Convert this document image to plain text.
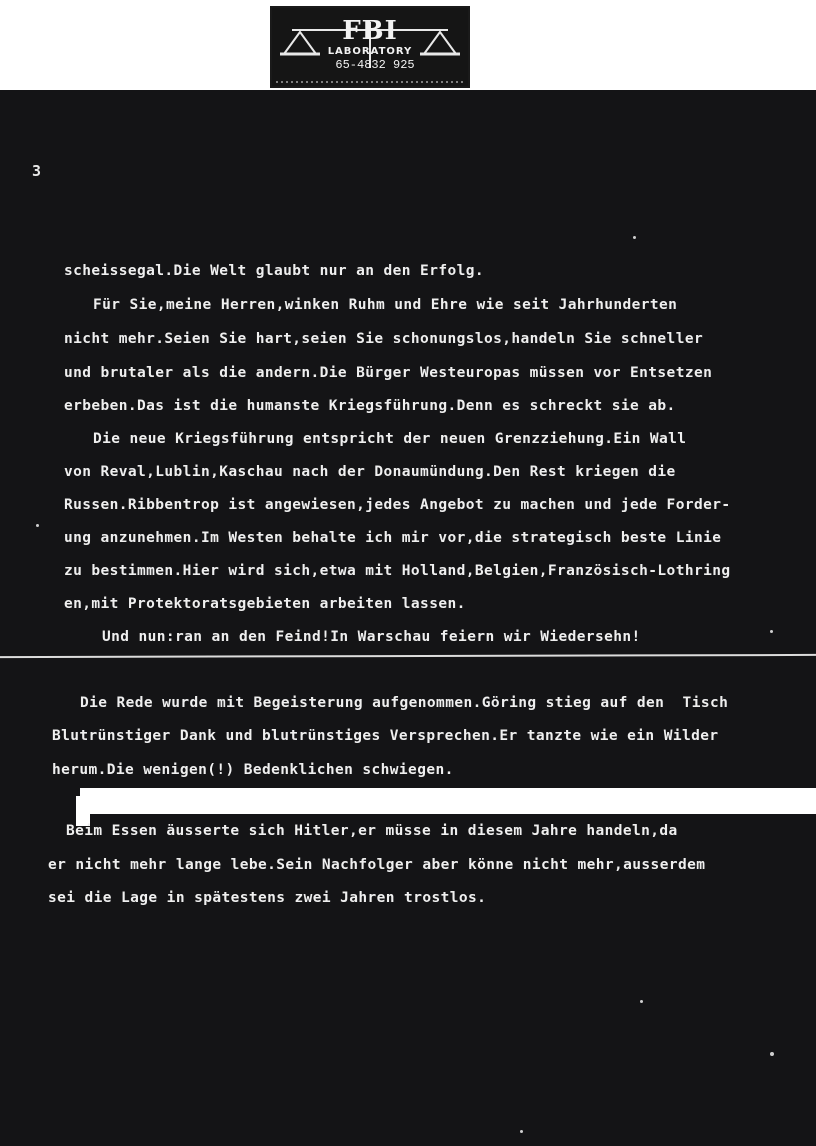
FBI
LABORATORY
65-4832 925
3
scheissegal.Die Welt glaubt nur an den Erfolg.
Für Sie,meine Herren,winken Ruhm und Ehre wie seit Jahrhunderten
nicht mehr.Seien Sie hart,seien Sie schonungslos,handeln Sie schneller
und brutaler als die andern.Die Bürger Westeuropas müssen vor Entsetzen
erbeben.Das ist die humanste Kriegsführung.Denn es schreckt sie ab.
Die neue Kriegsführung entspricht der neuen Grenzziehung.Ein Wall
von Reval,Lublin,Kaschau nach der Donaumündung.Den Rest kriegen die
Russen.Ribbentrop ist angewiesen,jedes Angebot zu machen und jede Forder-
ung anzunehmen.Im Westen behalte ich mir vor,die strategisch beste Linie
zu bestimmen.Hier wird sich,etwa mit Holland,Belgien,Französisch-Lothring
en,mit Protektoratsgebieten arbeiten lassen.
Und nun:ran an den Feind!In Warschau feiern wir Wiedersehn!
Die Rede wurde mit Begeisterung aufgenommen.Göring stieg auf den  Tisch
Blutrünstiger Dank und blutrünstiges Versprechen.Er tanzte wie ein Wilder
herum.Die wenigen(!) Bedenklichen schwiegen.
Beim Essen äusserte sich Hitler,er müsse in diesem Jahre handeln,da
er nicht mehr lange lebe.Sein Nachfolger aber könne nicht mehr,ausserdem
sei die Lage in spätestens zwei Jahren trostlos.
